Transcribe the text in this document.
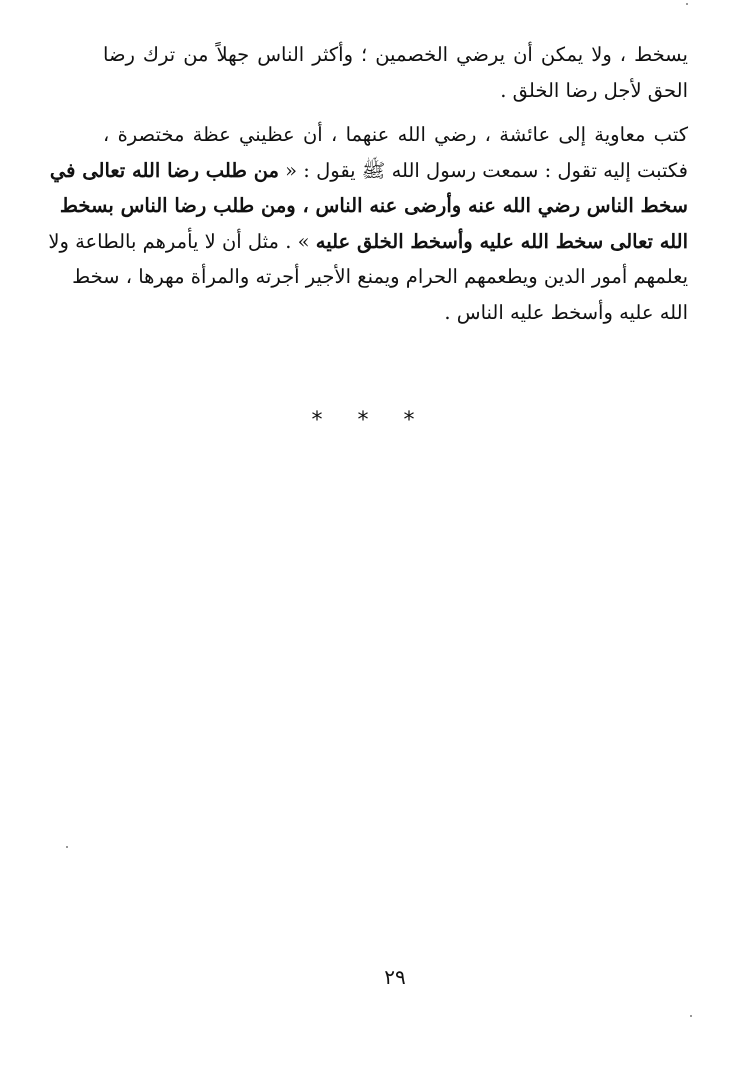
يسخط ، ولا يمكن أن يرضي الخصمين ؛ وأكثر الناس جهلاً من ترك رضا
الحق لأجل رضا الخلق .
كتب معاوية إلى عائشة ، رضي الله عنهما ، أن عظيني عظة مختصرة ،
فكتبت إليه تقول : سمعت رسول الله ﷺ يقول : « من طلب رضا الله تعالى في
سخط الناس رضي الله عنه وأرضى عنه الناس ، ومن طلب رضا الناس بسخط
الله تعالى سخط الله عليه وأسخط الخلق عليه » . مثل أن لا يأمرهم بالطاعة ولا
يعلمهم أمور الدين ويطعمهم الحرام ويمنع الأجير أجرته والمرأة مهرها ، سخط
الله عليه وأسخط عليه الناس .
* * *
٢٩
